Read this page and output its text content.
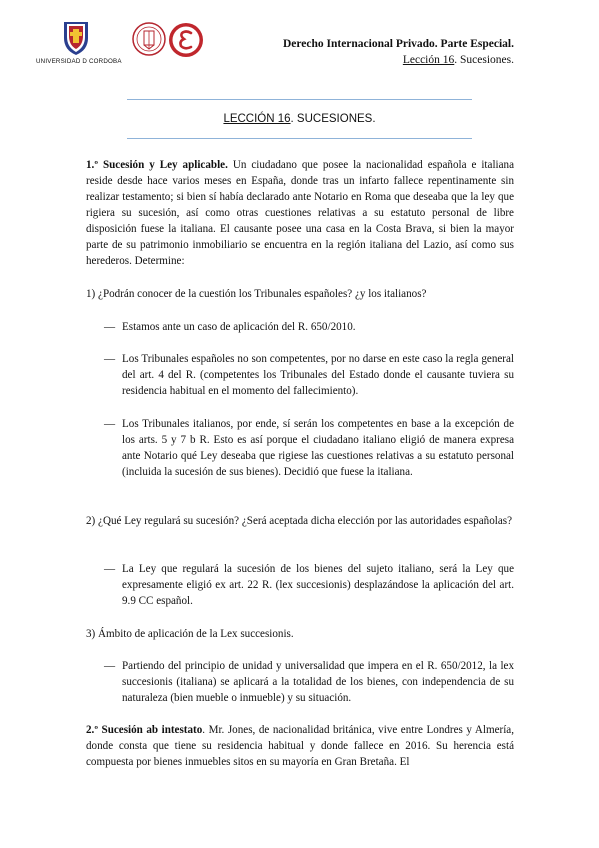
UNIVERSIDAD D CORDOBA
Derecho Internacional Privado. Parte Especial.
Lección 16. Sucesiones.
LECCIÓN 16. SUCESIONES.
1.º Sucesión y Ley aplicable. Un ciudadano que posee la nacionalidad española e italiana reside desde hace varios meses en España, donde tras un infarto fallece repentinamente sin realizar testamento; si bien sí había declarado ante Notario en Roma que deseaba que la ley que rigiera su sucesión, así como otras cuestiones relativas a su estatuto personal de libre disposición fuese la italiana. El causante posee una casa en la Costa Brava, si bien la mayor parte de su patrimonio inmobiliario se encuentra en la región italiana del Lazio, así como sus herederos. Determine:
1) ¿Podrán conocer de la cuestión los Tribunales españoles? ¿y los italianos?
— Estamos ante un caso de aplicación del R. 650/2010.
— Los Tribunales españoles no son competentes, por no darse en este caso la regla general del art. 4 del R. (competentes los Tribunales del Estado donde el causante tuviera su residencia habitual en el momento del fallecimiento).
— Los Tribunales italianos, por ende, sí serán los competentes en base a la excepción de los arts. 5 y 7 b R. Esto es así porque el ciudadano italiano eligió de manera expresa ante Notario qué Ley deseaba que rigiese las cuestiones relativas a su estatuto personal (incluida la sucesión de sus bienes). Decidió que fuese la italiana.
2) ¿Qué Ley regulará su sucesión? ¿Será aceptada dicha elección por las autoridades españolas?
— La Ley que regulará la sucesión de los bienes del sujeto italiano, será la Ley que expresamente eligió ex art. 22 R. (lex succesionis) desplazándose la aplicación del art. 9.9 CC español.
3) Ámbito de aplicación de la Lex succesionis.
— Partiendo del principio de unidad y universalidad que impera en el R. 650/2012, la lex succesionis (italiana) se aplicará a la totalidad de los bienes, con independencia de su naturaleza (bien mueble o inmueble) y su situación.
2.º Sucesión ab intestato. Mr. Jones, de nacionalidad británica, vive entre Londres y Almería, donde consta que tiene su residencia habitual y donde fallece en 2016. Su herencia está compuesta por bienes inmuebles sitos en su mayoría en Gran Bretaña. El
